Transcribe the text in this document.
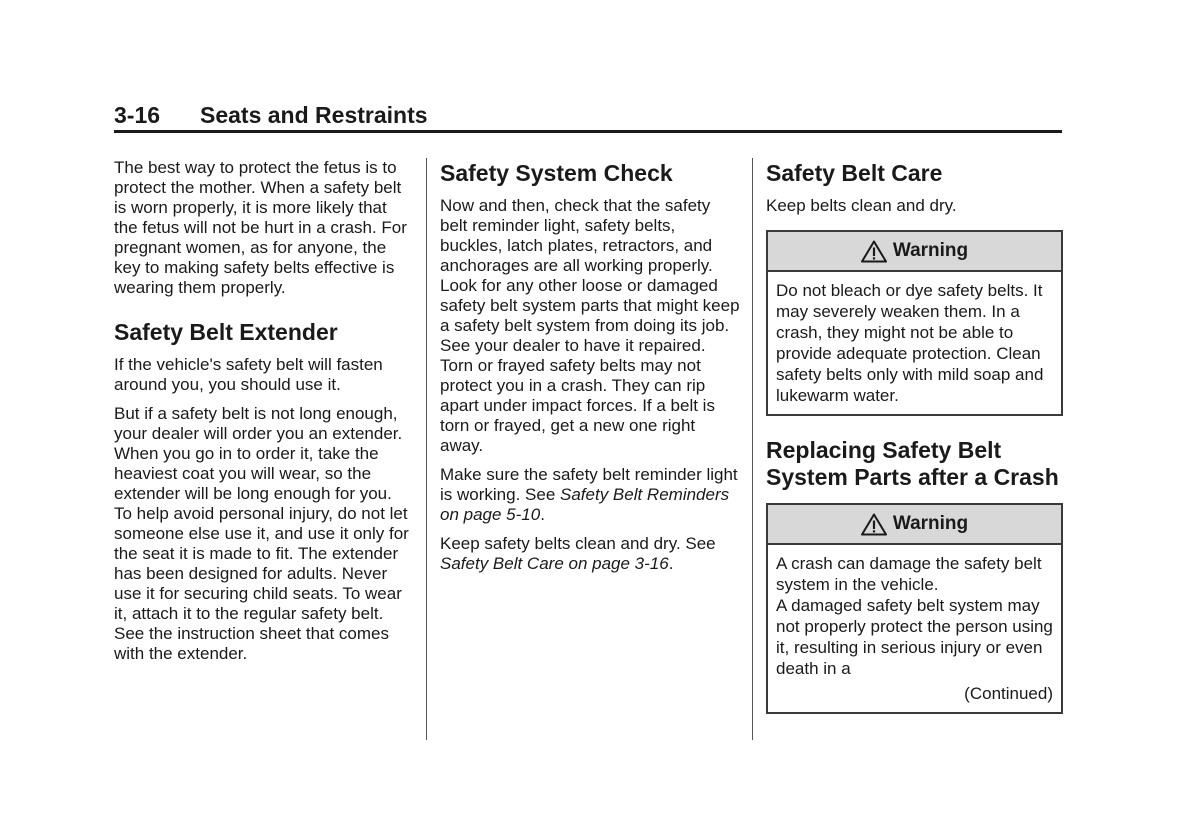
3-16 Seats and Restraints

The best way to protect the fetus is to protect the mother. When a safety belt is worn properly, it is more likely that the fetus will not be hurt in a crash. For pregnant women, as for anyone, the key to making safety belts effective is wearing them properly.

Safety Belt Extender

If the vehicle's safety belt will fasten around you, you should use it.

But if a safety belt is not long enough, your dealer will order you an extender. When you go in to order it, take the heaviest coat you will wear, so the extender will be long enough for you. To help avoid personal injury, do not let someone else use it, and use it only for the seat it is made to fit. The extender has been designed for adults. Never use it for securing child seats. To wear it, attach it to the regular safety belt. See the instruction sheet that comes with the extender.

Safety System Check

Now and then, check that the safety belt reminder light, safety belts, buckles, latch plates, retractors, and anchorages are all working properly. Look for any other loose or damaged safety belt system parts that might keep a safety belt system from doing its job. See your dealer to have it repaired. Torn or frayed safety belts may not protect you in a crash. They can rip apart under impact forces. If a belt is torn or frayed, get a new one right away.

Make sure the safety belt reminder light is working. See Safety Belt Reminders on page 5-10.

Keep safety belts clean and dry. See Safety Belt Care on page 3-16.

Safety Belt Care

Keep belts clean and dry.

Warning

Do not bleach or dye safety belts. It may severely weaken them. In a crash, they might not be able to provide adequate protection. Clean safety belts only with mild soap and lukewarm water.

Replacing Safety Belt System Parts after a Crash
Warning

A crash can damage the safety belt system in the vehicle.

A damaged safety belt system may not properly protect the person using it, resulting in serious injury or even death in a

(Continued)
